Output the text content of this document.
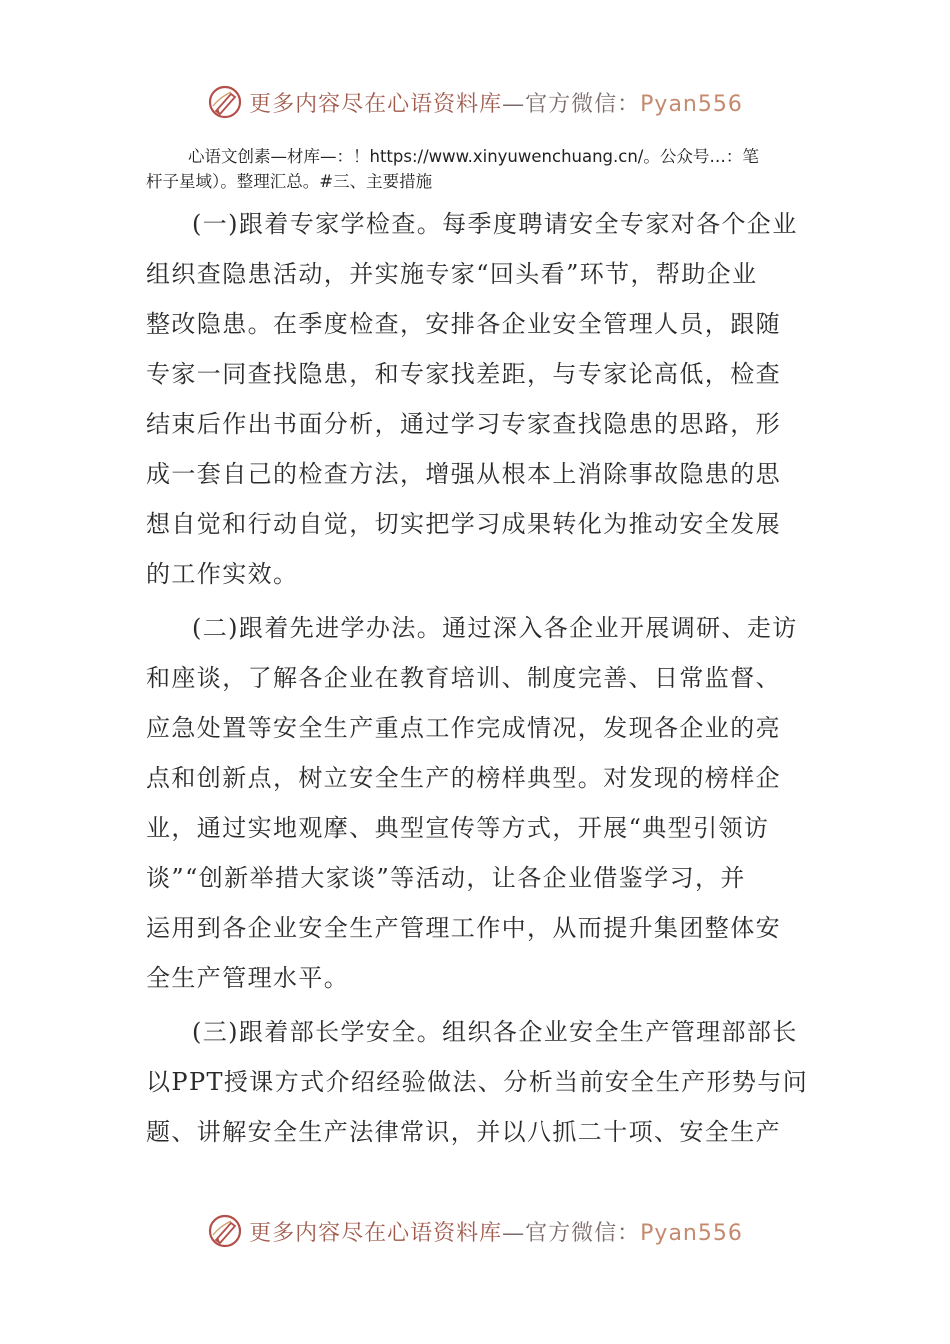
更多内容尽在心语资料库—官方微信：Pyan556
心语文创素—材库—：！https://www.xinyuwenchuang.cn/。公众号…：笔
杆子星域）。整理汇总。#三、主要措施

(一)跟着专家学检查。每季度聘请安全专家对各个企业
组织查隐患活动，并实施专家“回头看”环节，帮助企业
整改隐患。在季度检查，安排各企业安全管理人员，跟随
专家一同查找隐患，和专家找差距，与专家论高低，检查
结束后作出书面分析，通过学习专家查找隐患的思路，形
成一套自己的检查方法，增强从根本上消除事故隐患的思
想自觉和行动自觉，切实把学习成果转化为推动安全发展
的工作实效。

(二)跟着先进学办法。通过深入各企业开展调研、走访
和座谈，了解各企业在教育培训、制度完善、日常监督、
应急处置等安全生产重点工作完成情况，发现各企业的亮
点和创新点，树立安全生产的榜样典型。对发现的榜样企
业，通过实地观摩、典型宣传等方式，开展“典型引领访
谈”“创新举措大家谈”等活动，让各企业借鉴学习，并
运用到各企业安全生产管理工作中，从而提升集团整体安
全生产管理水平。

(三)跟着部长学安全。组织各企业安全生产管理部部长
以PPT授课方式介绍经验做法、分析当前安全生产形势与问
题、讲解安全生产法律常识，并以八抓二十项、安全生产

更多内容尽在心语资料库—官方微信：Pyan556
